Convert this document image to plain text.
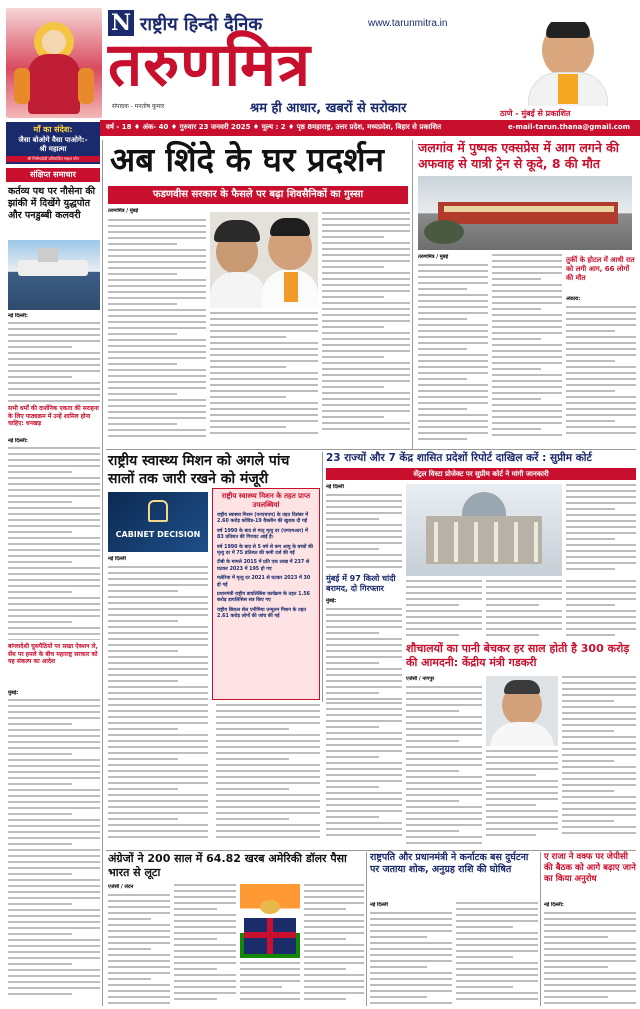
N राष्ट्रीय हिन्दी दैनिक	www.tarunmitra.in
तरुणमित्र
संपादक - मनतोष कुमार	श्रम ही आधार, खबरों से सरोकार	ठाणे - मुंबई से प्रकाशित
वर्ष - 18 ♦ अंक- 40 ♦ गुरुवार 23 जनवरी 2025 ♦ मूल्य : 2 ♦ पृष्ठ 8 महाराष्ट्र, उत्तर प्रदेश, मध्यप्रदेश, बिहार से प्रकाशित	e-mail-tarun.thana@gmail.com
माँ का संदेश:
जैसा बोओगे वैसा पाओगे:-
श्री महात्मा
श्री निर्मलादेवी प्रतिपादित सहज योग
संक्षिप्त समाचार
कर्तव्य पथ पर नौसेना की झांकी में दिखेंगे युद्धपोत और पनडुब्बी कलवरी
नई दिल्ली:
सभी धर्मों की दार्शनिक एकता की सराहना के लिए पाठ्यक्रम में उन्हें शामिल होना चाहिए: धनखड़
नई दिल्ली:
बांग्लादेशी घुसपैठियों पर सख्त ऐक्शन ले, सेंध पर हमले के बीच महाराष्ट्र सरकार को यह संकल्प का आदेश
मुंबई:
अब शिंदे के घर प्रदर्शन
फडणवीस सरकार के फैसले पर बढ़ा शिवसैनिकों का गुस्सा
तरुणमित्र / मुंबई
जलगांव में पुष्पक एक्सप्रेस में आग लगने की अफवाह से यात्री ट्रेन से कूदे, 8 की मौत
तरुणमित्र / मुंबई	तुर्की के होटल में आधी रात को लगी आग, 66 लोगों की मौत
अंकारा:
राष्ट्रीय स्वास्थ्य मिशन को अगले पांच सालों तक जारी रखने को मंजूरी
CABINET DECISION
नई दिल्ली
राष्ट्रीय स्वास्थ्य मिशन के तहत प्राप्त उपलब्धियां
राष्ट्रीय स्वास्थ्य मिशन (एनएचएम) के तहत दिसंबर में 2.60 करोड़ कोविड-19 वैक्सीन की खुराक दी गईं
वर्ष 1990 के बाद से मातृ मृत्यु दर (एमएमआर) में 83 प्रतिशत की गिरावट आई है।
वर्ष 1990 के बाद से 5 वर्ष से कम आयु के बच्चों की मृत्यु दर में 75 प्रतिशत की कमी दर्ज की गई
टीबी के मामले 2015 में प्रति एक लाख में 237 से घटकर 2023 में 195 हो गए
मलेरिया में मृत्यु दर 2021 से घटकर 2023 में 30 हो गई
प्रधानमंत्री राष्ट्रीय डायलिसिस कार्यक्रम के तहत 1.56 करोड़ डायलिसिस सत्र किए गए
राष्ट्रीय सिकल सेल एनीमिया उन्मूलन मिशन के तहत 2.61 करोड़ लोगों की जांच की गई
23 राज्यों और 7 केंद्र शासित प्रदेशों रिपोर्ट दाखिल करें : सुप्रीम कोर्ट
सेंट्रल विस्टा प्रोजेक्ट पर सुप्रीम कोर्ट ने मांगी जानकारी
नई दिल्ली
मुंबई में 97 किलो चांदी बरामद, दो गिरफ्तार
मुंबई:
शौचालयों का पानी बेचकर हर साल होती है 300 करोड़ की आमदनी: केंद्रीय मंत्री गडकरी
एजेंसी / नागपुर
अंग्रेजों ने 200 साल में 64.82 खरब अमेरिकी डॉलर पैसा भारत से लूटा
एजेंसी / लंदन
राष्ट्रपति और प्रधानमंत्री ने कर्नाटक बस दुर्घटना पर जताया शोक, अनुग्रह राशि की घोषित
नई दिल्ली
ए राजा ने वक्फ पर जेपीसी की बैठक को आगे बढ़ाए जाने का किया अनुरोध
नई दिल्ली:
